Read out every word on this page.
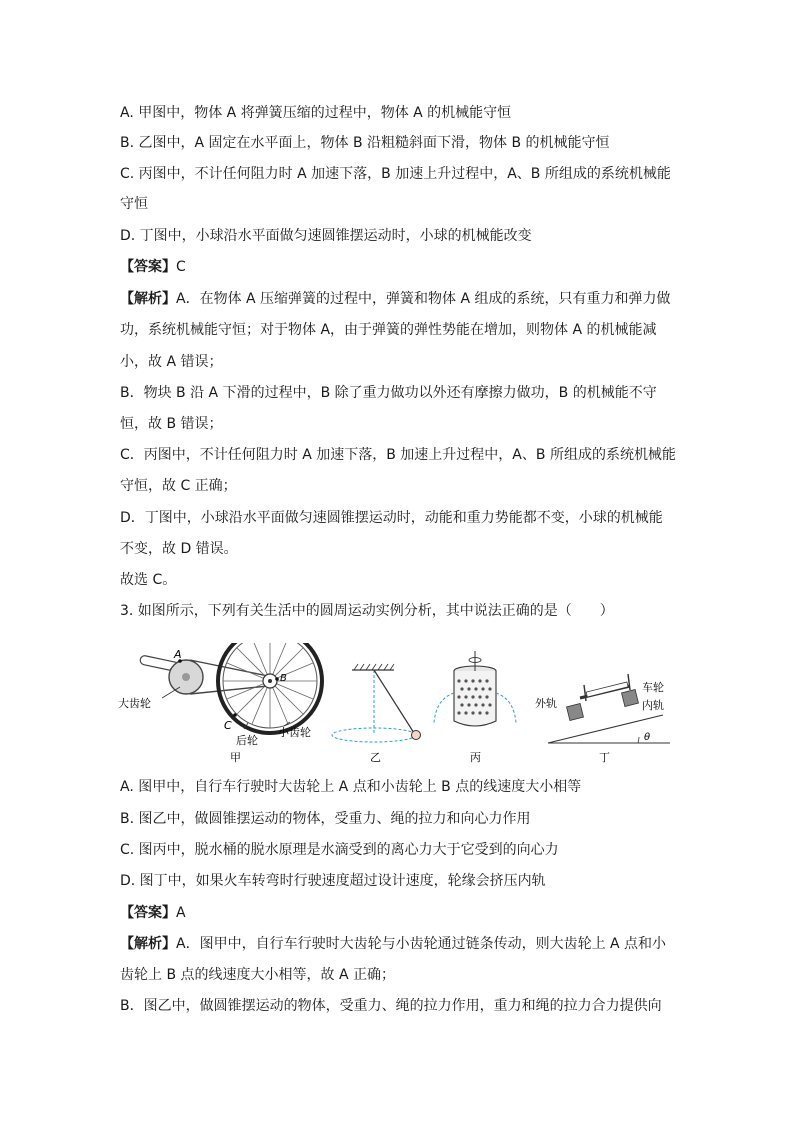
A. 甲图中，物体 A 将弹簧压缩的过程中，物体 A 的机械能守恒
B. 乙图中，A 固定在水平面上，物体 B 沿粗糙斜面下滑，物体 B 的机械能守恒
C. 丙图中，不计任何阻力时 A 加速下落，B 加速上升过程中，A、B 所组成的系统机械能
守恒
D. 丁图中，小球沿水平面做匀速圆锥摆运动时，小球的机械能改变
【答案】C
【解析】A．在物体 A 压缩弹簧的过程中，弹簧和物体 A 组成的系统，只有重力和弹力做
功，系统机械能守恒；对于物体 A，由于弹簧的弹性势能在增加，则物体 A 的机械能减
小，故 A 错误；
B．物块 B 沿 A 下滑的过程中，B 除了重力做功以外还有摩擦力做功，B 的机械能不守
恒，故 B 错误；
C．丙图中，不计任何阻力时 A 加速下落，B 加速上升过程中，A、B 所组成的系统机械能
守恒，故 C 正确；
D．丁图中，小球沿水平面做匀速圆锥摆运动时，动能和重力势能都不变，小球的机械能
不变，故 D 错误。
故选 C。
3. 如图所示，下列有关生活中的圆周运动实例分析，其中说法正确的是（　　）
A
B
C
大齿轮
后轮
小齿轮
甲	乙	丙
外轨
车轮
内轨
θ
丁
A. 图甲中，自行车行驶时大齿轮上 A 点和小齿轮上 B 点的线速度大小相等
B. 图乙中，做圆锥摆运动的物体，受重力、绳的拉力和向心力作用
C. 图丙中，脱水桶的脱水原理是水滴受到的离心力大于它受到的向心力
D. 图丁中，如果火车转弯时行驶速度超过设计速度，轮缘会挤压内轨
【答案】A
【解析】A．图甲中，自行车行驶时大齿轮与小齿轮通过链条传动，则大齿轮上 A 点和小
齿轮上 B 点的线速度大小相等，故 A 正确；
B．图乙中，做圆锥摆运动的物体，受重力、绳的拉力作用，重力和绳的拉力合力提供向
